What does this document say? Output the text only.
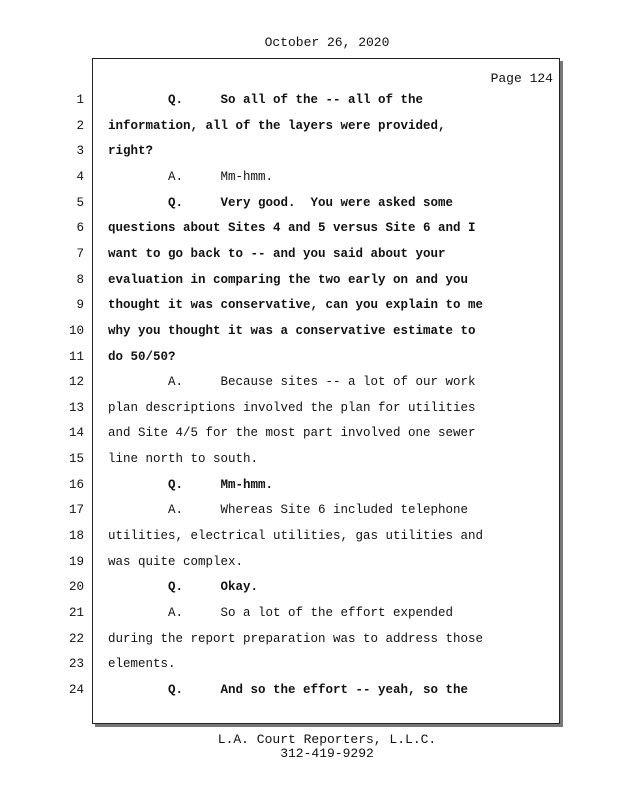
October 26, 2020
Page 124
1 Q.     So all of the -- all of the
2 information, all of the layers were provided,
3 right?
4 A.     Mm-hmm.
5 Q.     Very good.  You were asked some
6 questions about Sites 4 and 5 versus Site 6 and I
7 want to go back to -- and you said about your
8 evaluation in comparing the two early on and you
9 thought it was conservative, can you explain to me
10 why you thought it was a conservative estimate to
11 do 50/50?
12 A.     Because sites -- a lot of our work
13 plan descriptions involved the plan for utilities
14 and Site 4/5 for the most part involved one sewer
15 line north to south.
16 Q.     Mm-hmm.
17 A.     Whereas Site 6 included telephone
18 utilities, electrical utilities, gas utilities and
19 was quite complex.
20 Q.     Okay.
21 A.     So a lot of the effort expended
22 during the report preparation was to address those
23 elements.
24 Q.     And so the effort -- yeah, so the
L.A. Court Reporters, L.L.C.
312-419-9292
